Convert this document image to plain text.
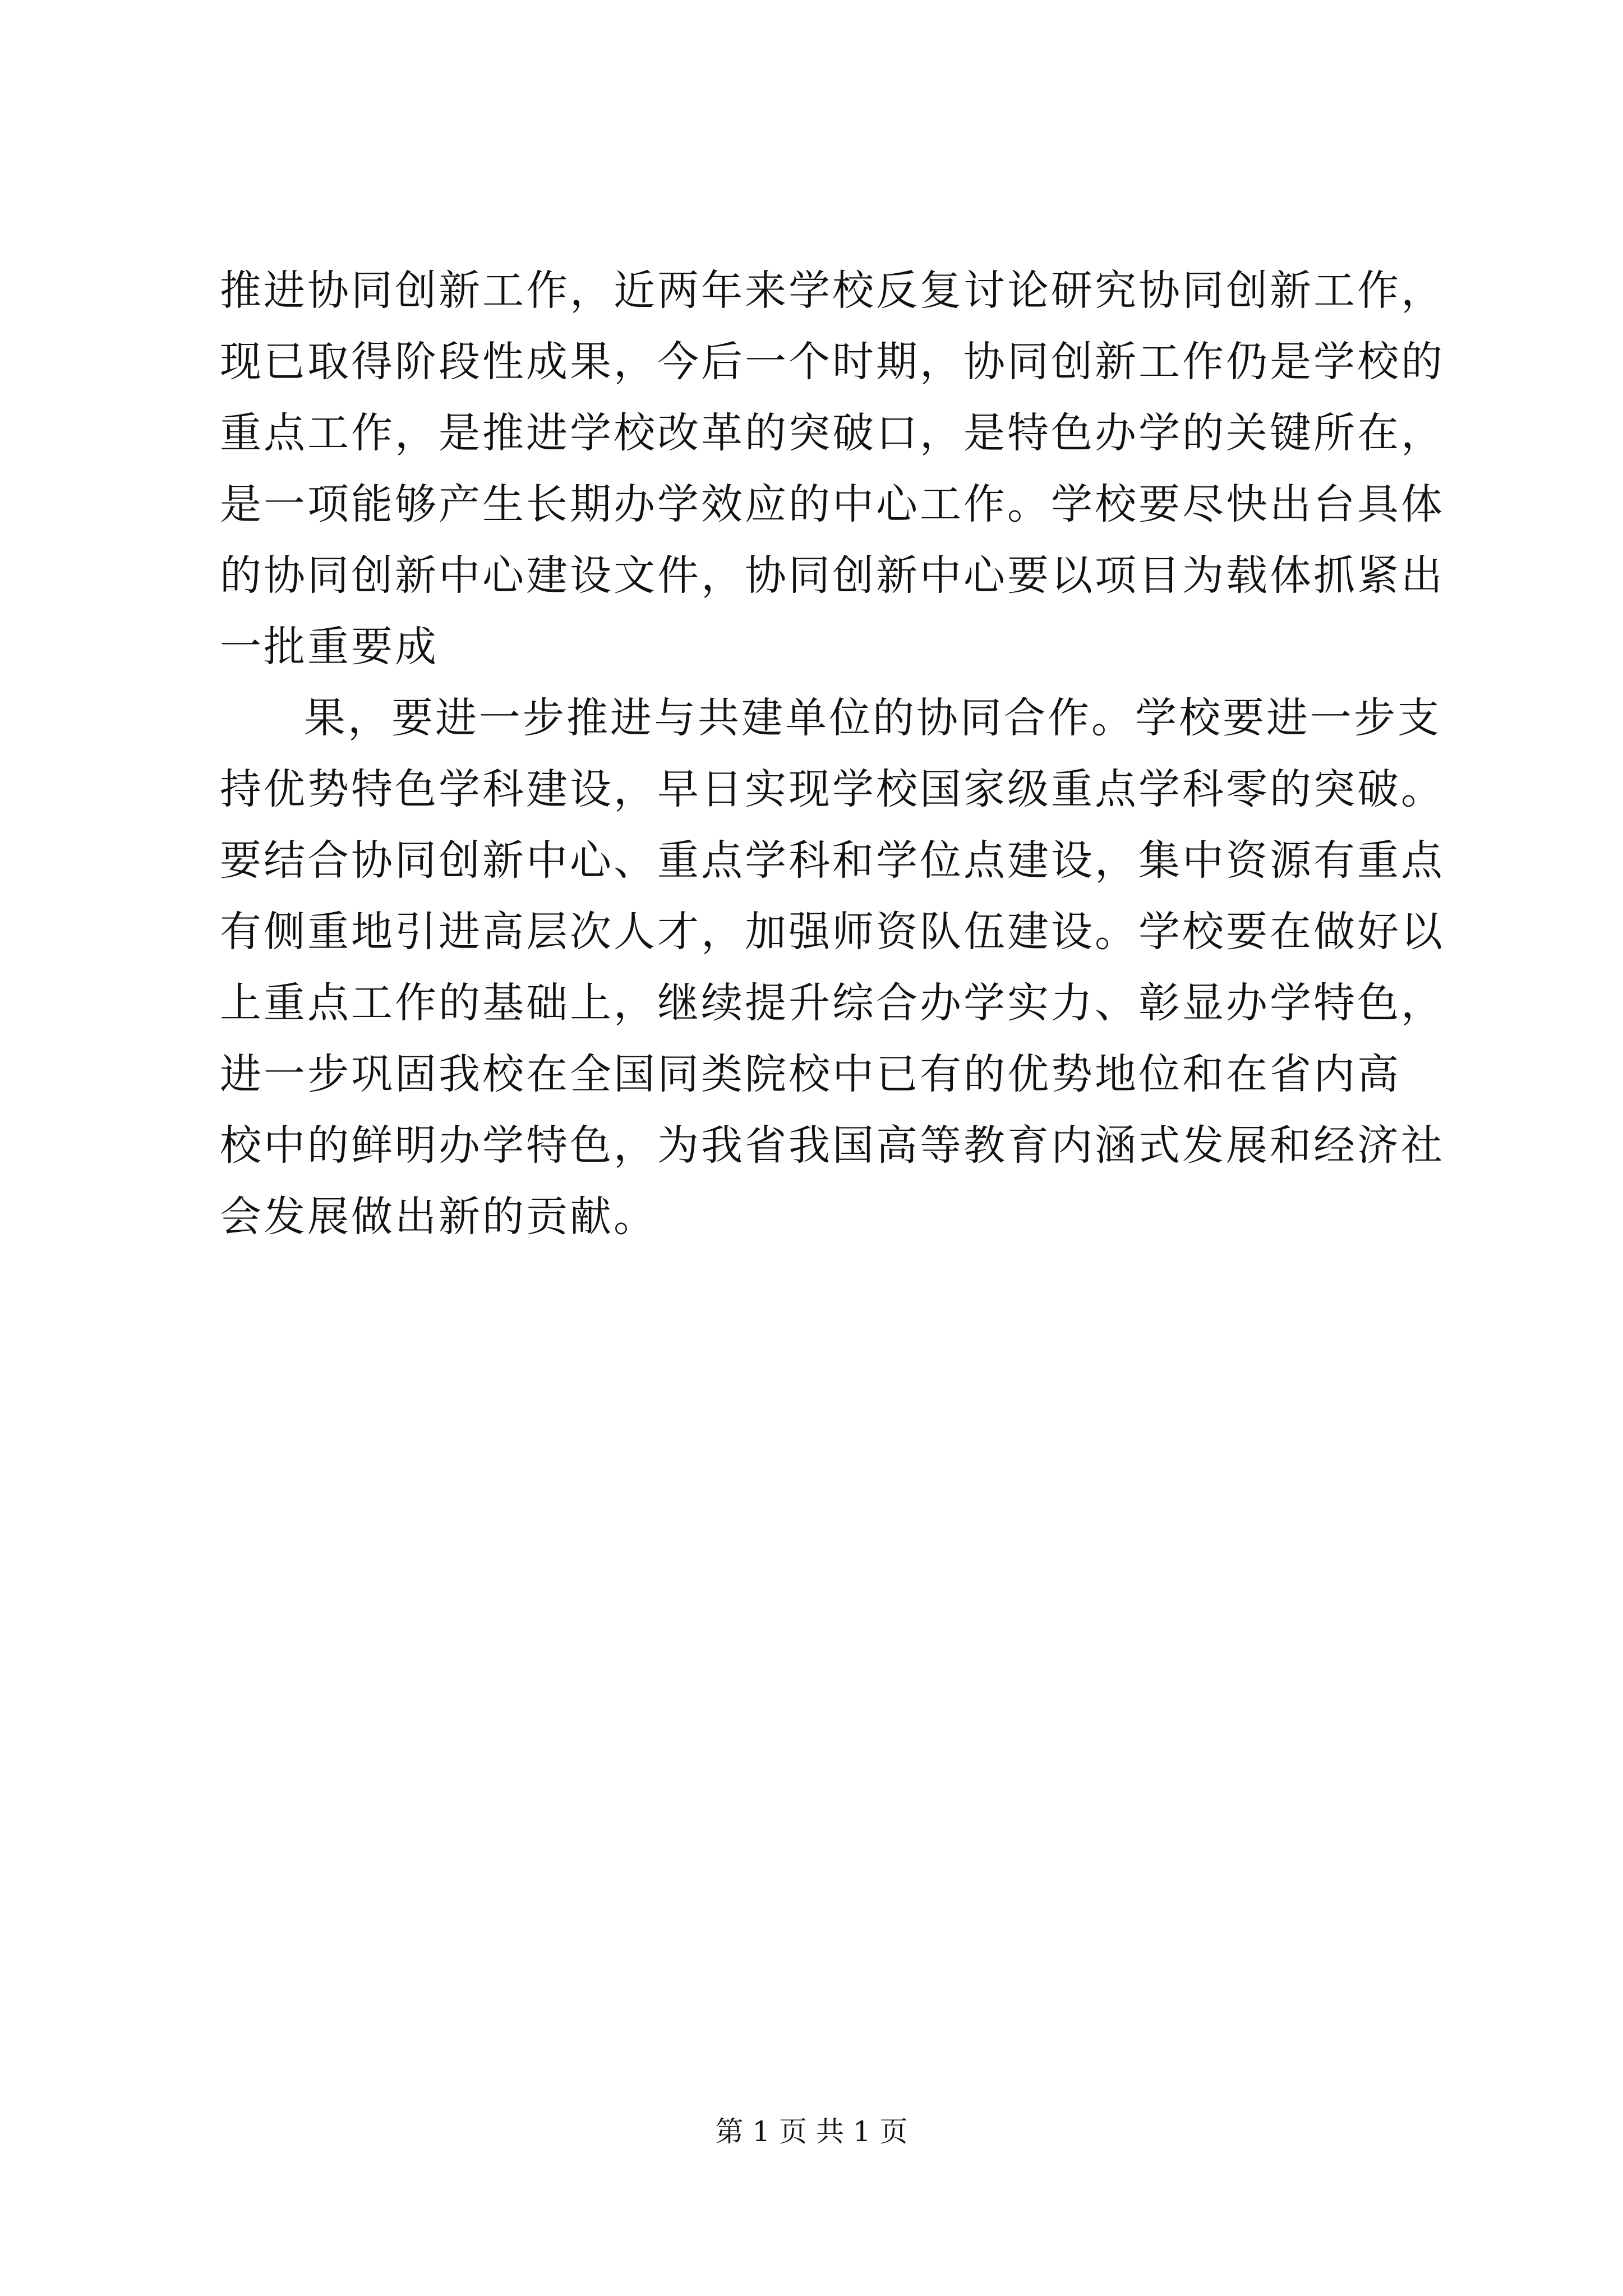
推进协同创新工作，近两年来学校反复讨论研究协同创新工作，
现已取得阶段性成果，今后一个时期，协同创新工作仍是学校的
重点工作，是推进学校改革的突破口，是特色办学的关键所在，
是一项能够产生长期办学效应的中心工作。学校要尽快出台具体
的协同创新中心建设文件，协同创新中心要以项目为载体抓紧出
一批重要成
果，要进一步推进与共建单位的协同合作。学校要进一步支
持优势特色学科建设，早日实现学校国家级重点学科零的突破。
要结合协同创新中心、重点学科和学位点建设，集中资源有重点
有侧重地引进高层次人才，加强师资队伍建设。学校要在做好以
上重点工作的基础上，继续提升综合办学实力、彰显办学特色，
进一步巩固我校在全国同类院校中已有的优势地位和在省内高
校中的鲜明办学特色，为我省我国高等教育内涵式发展和经济社
会发展做出新的贡献。
第 1 页 共 1 页
